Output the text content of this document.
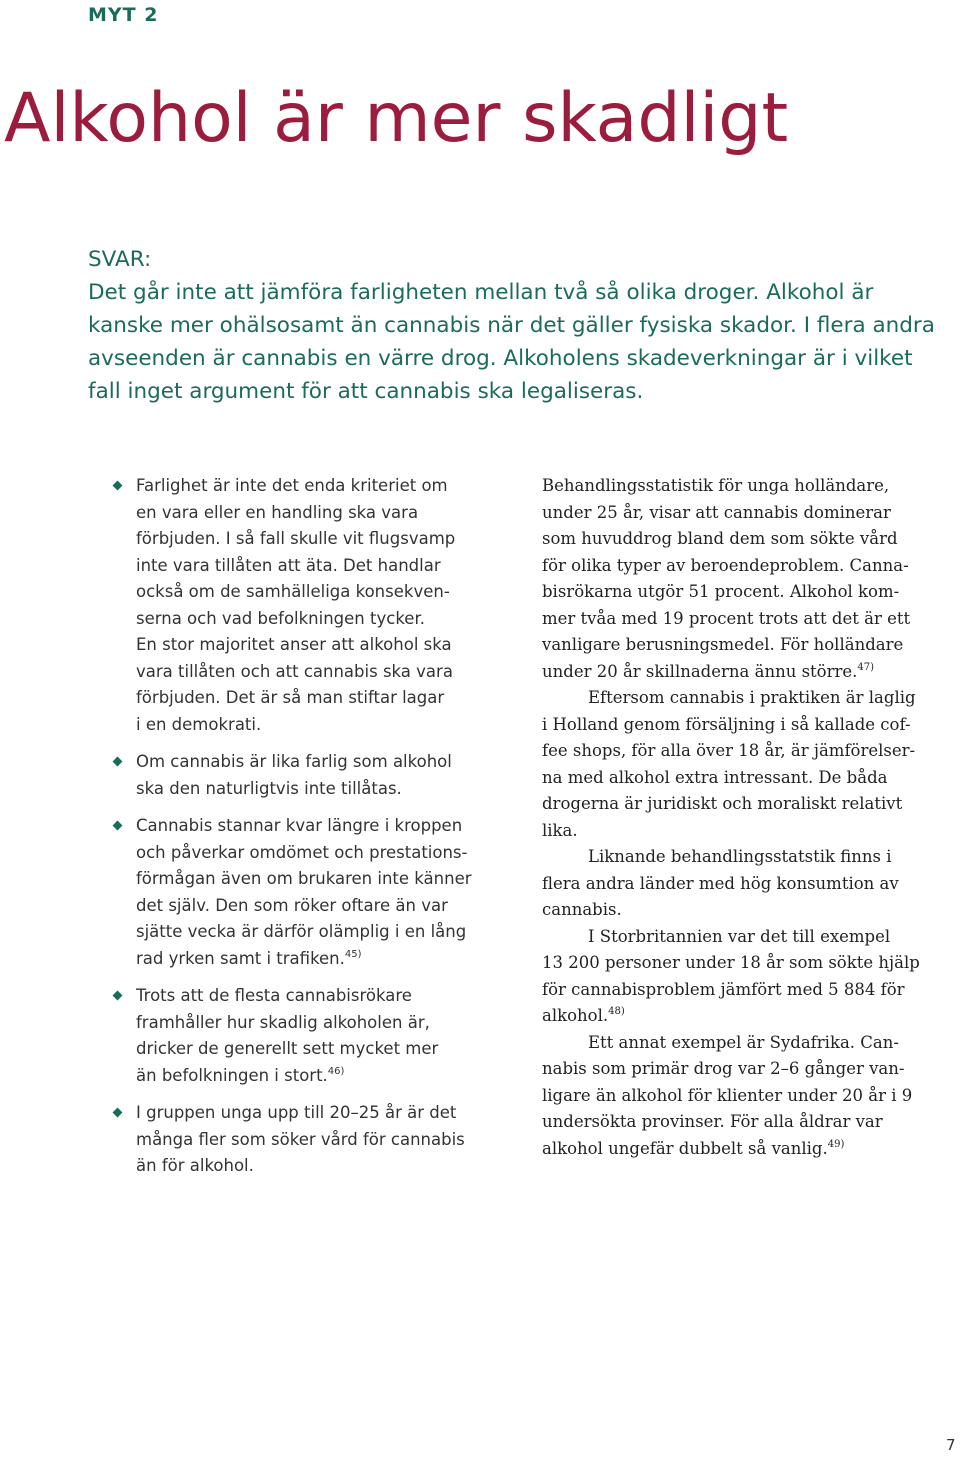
MYT 2
Alkohol är mer skadligt
SVAR:
Det går inte att jämföra farligheten mellan två så olika droger. Alkohol är
kanske mer ohälsosamt än cannabis när det gäller fysiska skador. I flera andra
avseenden är cannabis en värre drog. Alkoholens skadeverkningar är i vilket
fall inget argument för att cannabis ska legaliseras.
Farlighet är inte det enda kriteriet om
en vara eller en handling ska vara
förbjuden. I så fall skulle vit flugsvamp
inte vara tillåten att äta. Det handlar
också om de samhälleliga konsekven-
serna och vad befolkningen tycker.
En stor majoritet anser att alkohol ska
vara tillåten och att cannabis ska vara
förbjuden. Det är så man stiftar lagar
i en demokrati.
Om cannabis är lika farlig som alkohol
ska den naturligtvis inte tillåtas.
Cannabis stannar kvar längre i kroppen
och påverkar omdömet och prestations-
förmågan även om brukaren inte känner
det själv. Den som röker oftare än var
sjätte vecka är därför olämplig i en lång
rad yrken samt i trafiken.$^{45)}$
Trots att de flesta cannabisrökare
framhåller hur skadlig alkoholen är,
dricker de generellt sett mycket mer
än befolkningen i stort.$^{46)}$
I gruppen unga upp till 20–25 år är det
många fler som söker vård för cannabis
än för alkohol.

Behandlingsstatistik för unga holländare,
under 25 år, visar att cannabis dominerar
som huvuddrog bland dem som sökte vård
för olika typer av beroendeproblem. Canna-
bisrökarna utgör 51 procent. Alkohol kom-
mer tvåa med 19 procent trots att det är ett
vanligare berusningsmedel. För holländare
under 20 år skillnaderna ännu större.$^{47)}$

Eftersom cannabis i praktiken är laglig
i Holland genom försäljning i så kallade cof-
fee shops, för alla över 18 år, är jämförelser-
na med alkohol extra intressant. De båda
drogerna är juridiskt och moraliskt relativt
lika.

Liknande behandlingsstatstik finns i
flera andra länder med hög konsumtion av
cannabis.

I Storbritannien var det till exempel
13 200 personer under 18 år som sökte hjälp
för cannabisproblem jämfört med 5 884 för
alkohol.$^{48)}$

Ett annat exempel är Sydafrika. Can-
nabis som primär drog var 2–6 gånger van-
ligare än alkohol för klienter under 20 år i 9
undersökta provinser. För alla åldrar var
alkohol ungefär dubbelt så vanlig.$^{49)}$

7
